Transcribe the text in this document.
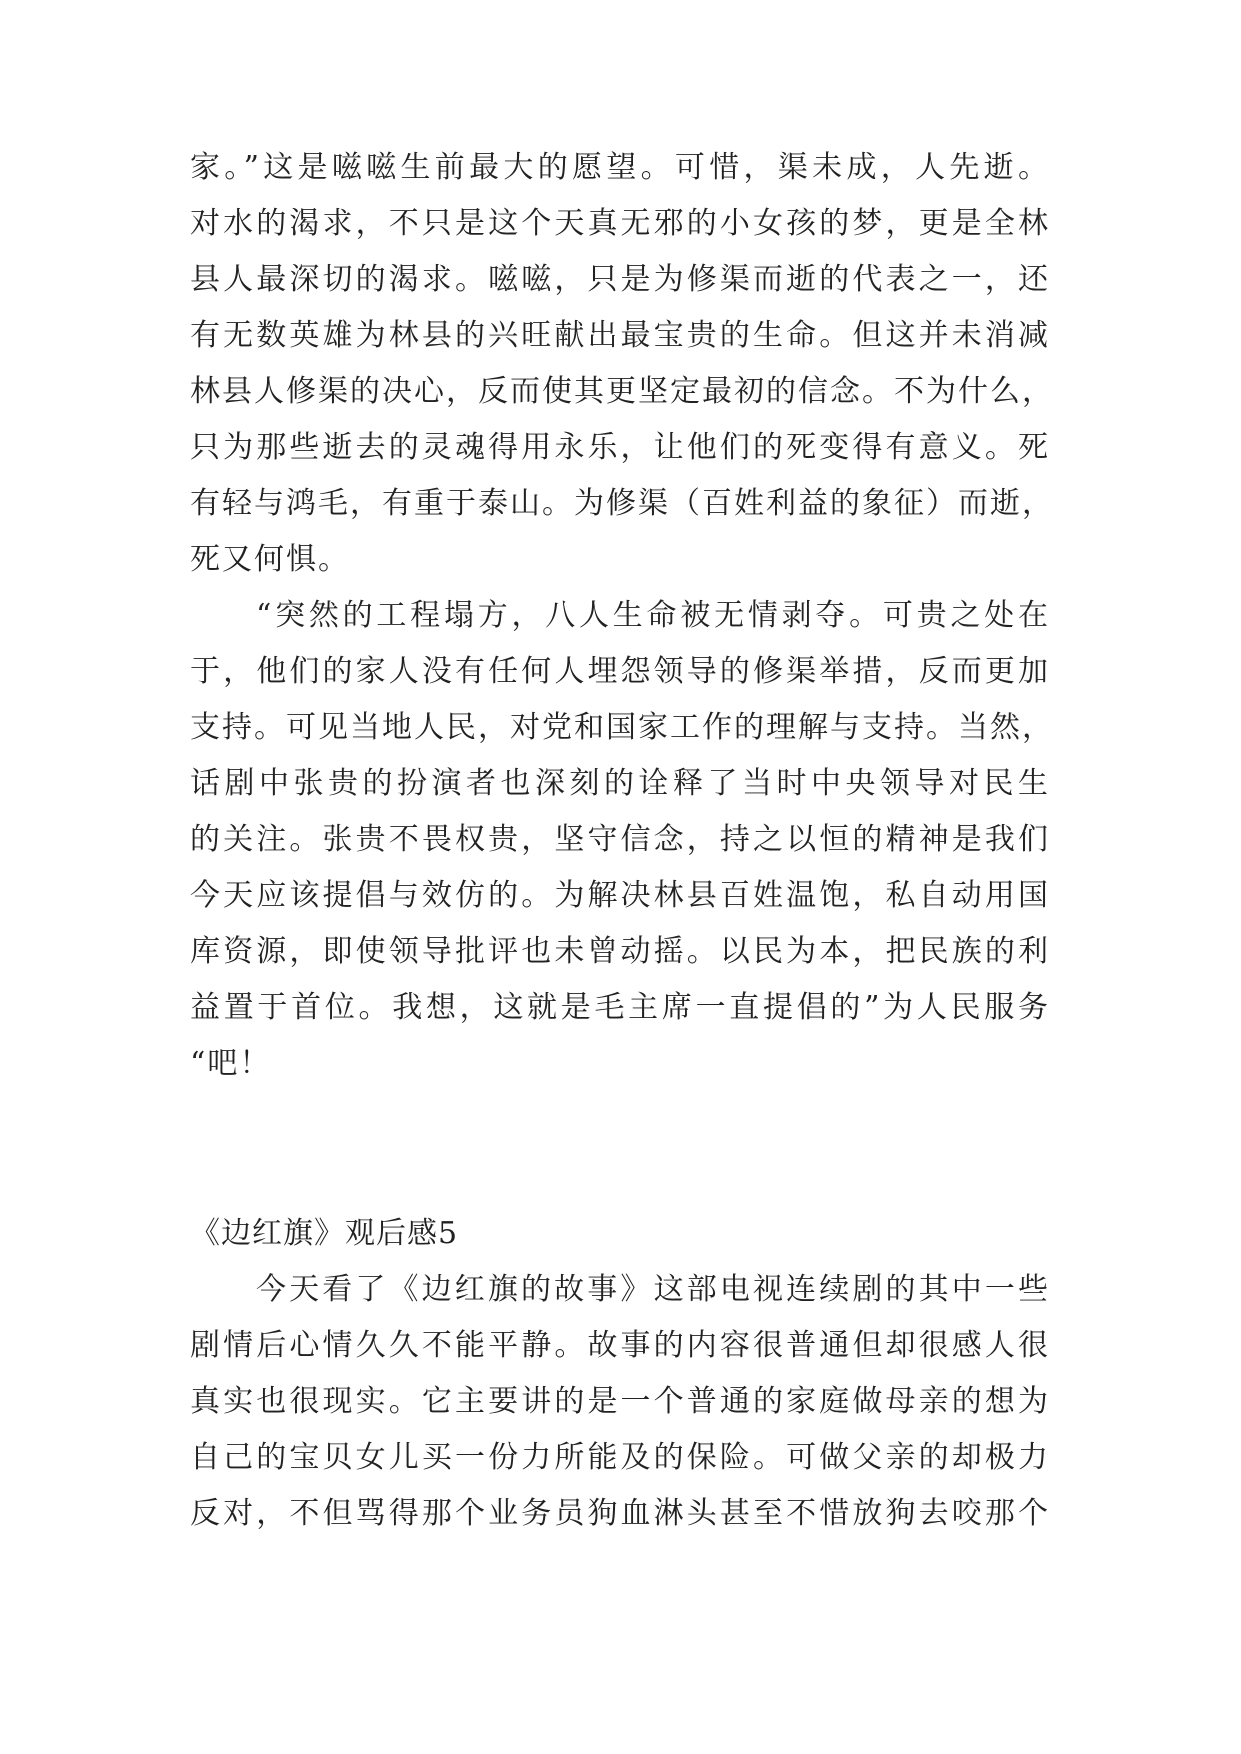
家。”这是嗞嗞生前最大的愿望。可惜，渠未成，人先逝。
对水的渴求，不只是这个天真无邪的小女孩的梦，更是全林
县人最深切的渴求。嗞嗞，只是为修渠而逝的代表之一，还
有无数英雄为林县的兴旺献出最宝贵的生命。但这并未消减
林县人修渠的决心，反而使其更坚定最初的信念。不为什么，
只为那些逝去的灵魂得用永乐，让他们的死变得有意义。死
有轻与鸿毛，有重于泰山。为修渠（百姓利益的象征）而逝，
死又何惧。
“突然的工程塌方，八人生命被无情剥夺。可贵之处在
于，他们的家人没有任何人埋怨领导的修渠举措，反而更加
支持。可见当地人民，对党和国家工作的理解与支持。当然，
话剧中张贵的扮演者也深刻的诠释了当时中央领导对民生
的关注。张贵不畏权贵，坚守信念，持之以恒的精神是我们
今天应该提倡与效仿的。为解决林县百姓温饱，私自动用国
库资源，即使领导批评也未曾动摇。以民为本，把民族的利
益置于首位。我想，这就是毛主席一直提倡的”为人民服务
“吧！
《边红旗》观后感5
今天看了《边红旗的故事》这部电视连续剧的其中一些
剧情后心情久久不能平静。故事的内容很普通但却很感人很
真实也很现实。它主要讲的是一个普通的家庭做母亲的想为
自己的宝贝女儿买一份力所能及的保险。可做父亲的却极力
反对，不但骂得那个业务员狗血淋头甚至不惜放狗去咬那个
